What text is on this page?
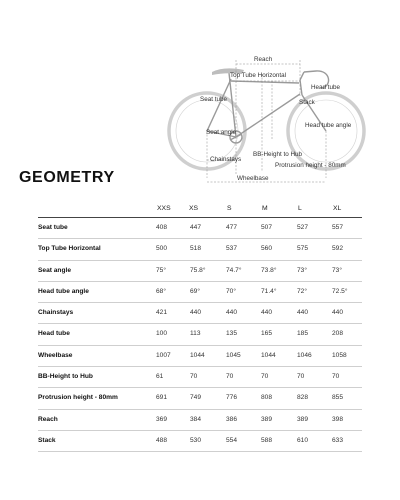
Reach
Top Tube Horizontal
Head tube
Seat tube	Stack
Head tube angle
Seat angle
Chainstays
BB-Height to Hub
Protrusion height - 80mm
Wheelbase
GEOMETRY
XXS	XS	S	M	L	XL
Seat tube	408	447	477	507	527	557
Top Tube Horizontal	500	518	537	560	575	592
Seat angle	75°	75.8°	74.7°	73.8°	73°	73°
Head tube angle	68°	69°	70°	71.4°	72°	72.5°
Chainstays	421	440	440	440	440	440
Head tube	100	113	135	165	185	208
Wheelbase	1007	1044	1045	1044	1046	1058
BB-Height to Hub	61	70	70	70	70	70
Protrusion height - 80mm	691	749	776	808	828	855
Reach	369	384	386	389	389	398
Stack	488	530	554	588	610	633
